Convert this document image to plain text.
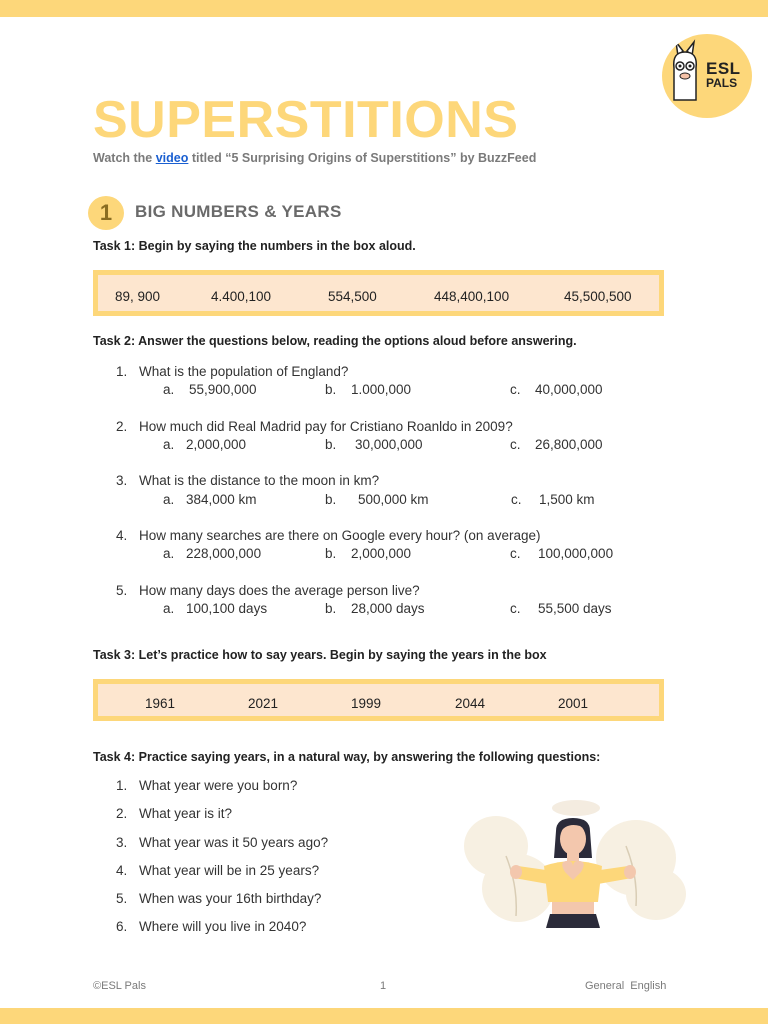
ESL
PALS
SUPERSTITIONS
Watch the video titled “5 Surprising Origins of Superstitions” by BuzzFeed
1	BIG NUMBERS & YEARS
Task 1: Begin by saying the numbers in the box aloud.
89, 900	4.400,100	554,500	448,400,100	45,500,500
Task 2: Answer the questions below, reading the options aloud before answering.
1. What is the population of England?
a. 55,900,000	b. 1.000,000	c. 40,000,000
2. How much did Real Madrid pay for Cristiano Roanldo in 2009?
a. 2,000,000	b. 30,000,000	c. 26,800,000
3. What is the distance to the moon in km?
a. 384,000 km	b. 500,000 km	c. 1,500 km
4. How many searches are there on Google every hour? (on average)
a. 228,000,000	b. 2,000,000	c. 100,000,000
5. How many days does the average person live?
a. 100,100 days	b. 28,000 days	c. 55,500 days
Task 3: Let’s practice how to say years. Begin by saying the years in the box
1961	2021	1999	2044	2001
Task 4: Practice saying years, in a natural way, by answering the following questions:
1. What year were you born?
2. What year is it?
3. What year was it 50 years ago?
4. What year will be in 25 years?
5. When was your 16th birthday?
6. Where will you live in 2040?
©ESL Pals	1	General  English
